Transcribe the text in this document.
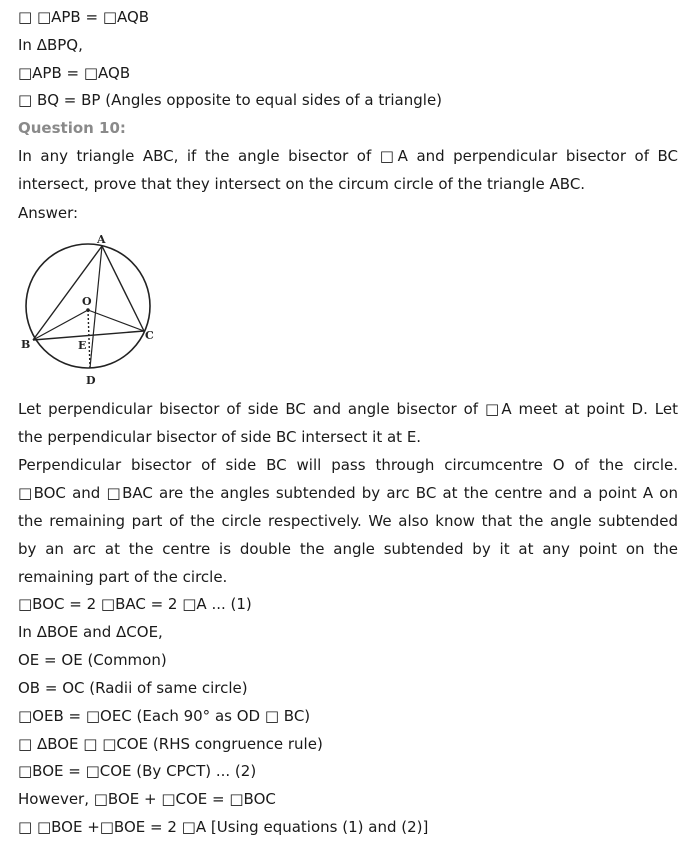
□ □APB = □AQB
In ΔBPQ,
□APB = □AQB
□ BQ = BP (Angles opposite to equal sides of a triangle)
Question 10:
In any triangle ABC, if the angle bisector of □A and perpendicular bisector of BC
intersect, prove that they intersect on the circum circle of the triangle ABC.
Answer:
A
O
B
C
E
D
Let perpendicular bisector of side BC and angle bisector of □A meet at point D. Let
the perpendicular bisector of side BC intersect it at E.
Perpendicular bisector of side BC will pass through circumcentre O of the circle.
□BOC and □BAC are the angles subtended by arc BC at the centre and a point A on
the remaining part of the circle respectively. We also know that the angle subtended
by an arc at the centre is double the angle subtended by it at any point on the
remaining part of the circle.
□BOC = 2 □BAC = 2 □A ... (1)
In ΔBOE and ΔCOE,
OE = OE (Common)
OB = OC (Radii of same circle)
□OEB = □OEC (Each 90° as OD □ BC)
□ ΔBOE □ □COE (RHS congruence rule)
□BOE = □COE (By CPCT) ... (2)
However, □BOE + □COE = □BOC
□ □BOE +□BOE = 2 □A [Using equations (1) and (2)]
